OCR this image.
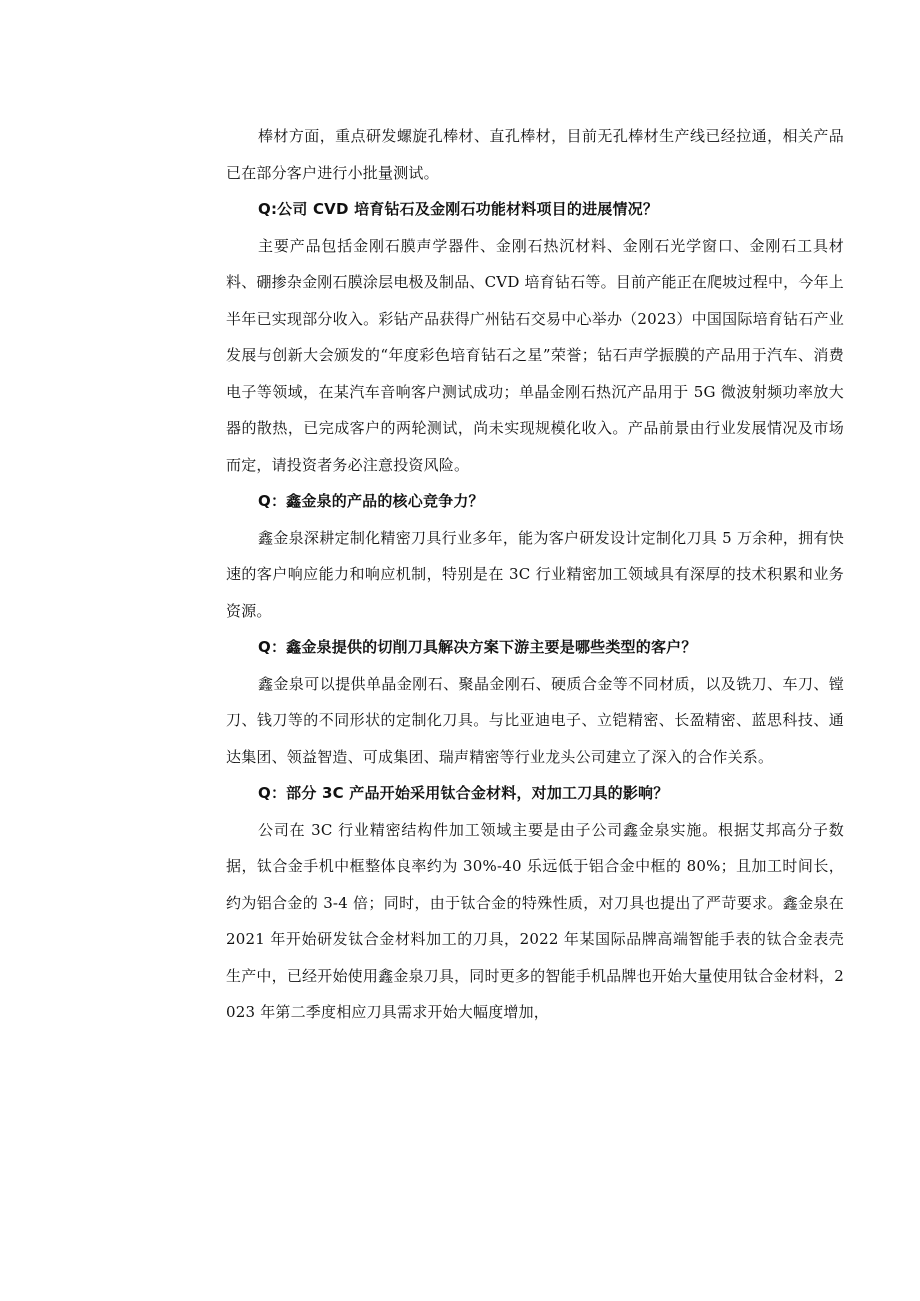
棒材方面，重点研发螺旋孔棒材、直孔棒材，目前无孔棒材生产线已经拉通，相关产品已在部分客户进行小批量测试。

Q:公司 CVD 培育钻石及金刚石功能材料项目的进展情况？

主要产品包括金刚石膜声学器件、金刚石热沉材料、金刚石光学窗口、金刚石工具材料、硼掺杂金刚石膜涂层电极及制品、CVD 培育钻石等。目前产能正在爬坡过程中，今年上半年已实现部分收入。彩钻产品获得广州钻石交易中心举办（2023）中国国际培育钻石产业发展与创新大会颁发的“年度彩色培育钻石之星”荣誉；钻石声学振膜的产品用于汽车、消费电子等领域，在某汽车音响客户测试成功；单晶金刚石热沉产品用于 5G 微波射频功率放大器的散热，已完成客户的两轮测试，尚未实现规模化收入。产品前景由行业发展情况及市场而定，请投资者务必注意投资风险。

Q：鑫金泉的产品的核心竞争力？

鑫金泉深耕定制化精密刀具行业多年，能为客户研发设计定制化刀具 5 万余种，拥有快速的客户响应能力和响应机制，特别是在 3C 行业精密加工领域具有深厚的技术积累和业务资源。

Q：鑫金泉提供的切削刀具解决方案下游主要是哪些类型的客户？

鑫金泉可以提供单晶金刚石、聚晶金刚石、硬质合金等不同材质，以及铣刀、车刀、镗刀、钱刀等的不同形状的定制化刀具。与比亚迪电子、立铠精密、长盈精密、蓝思科技、通达集团、领益智造、可成集团、瑞声精密等行业龙头公司建立了深入的合作关系。

Q：部分 3C 产品开始采用钛合金材料，对加工刀具的影响？

公司在 3C 行业精密结构件加工领域主要是由子公司鑫金泉实施。根据艾邦高分子数据，钛合金手机中框整体良率约为 30%-40 乐远低于铝合金中框的 80%；且加工时间长，约为铝合金的 3-4 倍；同时，由于钛合金的特殊性质，对刀具也提出了严苛要求。鑫金泉在 2021 年开始研发钛合金材料加工的刀具，2022 年某国际品牌高端智能手表的钛合金表壳生产中，已经开始使用鑫金泉刀具，同时更多的智能手机品牌也开始大量使用钛合金材料，2023 年第二季度相应刀具需求开始大幅度增加，
